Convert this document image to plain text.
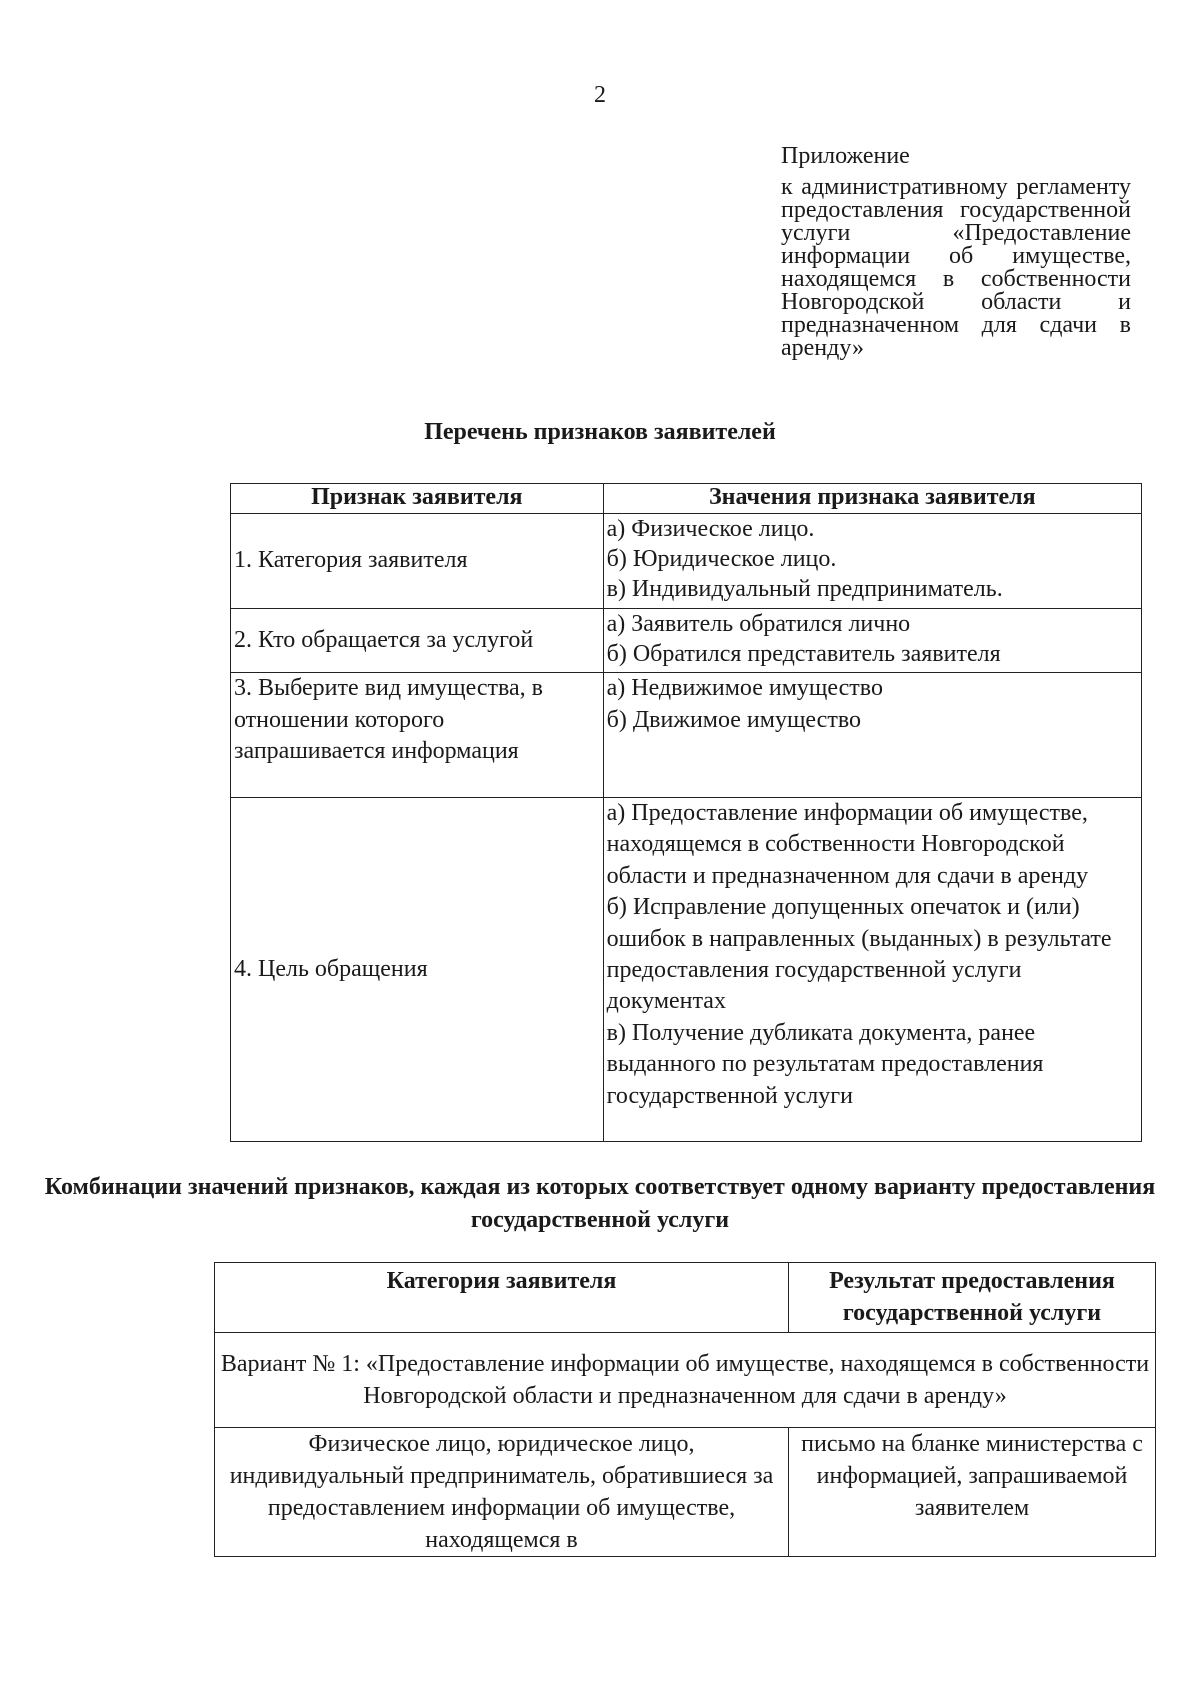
2
Приложение
к административному регламенту предоставления государственной услуги «Предоставление информации об имуществе, находящемся в собственности Новгородской области и предназначенном для сдачи в аренду»
Перечень признаков заявителей
Признак заявителя	Значения признака заявителя
1. Категория заявителя	а) Физическое лицо.
б) Юридическое лицо.
в) Индивидуальный предприниматель.

2. Кто обращается за услугой	а) Заявитель обратился лично
б) Обратился представитель заявителя

3. Выберите вид имущества, в отношении которого запрашивается информация	а) Недвижимое имущество
б) Движимое имущество

4. Цель обращения	а) Предоставление информации об имуществе, находящемся в собственности Новгородской области и предназначенном для сдачи в аренду
б) Исправление допущенных опечаток и (или) ошибок в направленных (выданных) в результате предоставления государственной услуги документах
в) Получение дубликата документа, ранее выданного по результатам предоставления государственной услуги
Комбинации значений признаков, каждая из которых соответствует одному варианту предоставления государственной услуги
Категория заявителя	Результат предоставления государственной услуги
Вариант № 1: «Предоставление информации об имуществе, находящемся в собственности Новгородской области и предназначенном для сдачи в аренду»	
Физическое лицо, юридическое лицо, индивидуальный предприниматель, обратившиеся за предоставлением информации об имуществе, находящемся в	письмо на бланке министерства с информацией, запрашиваемой заявителем
